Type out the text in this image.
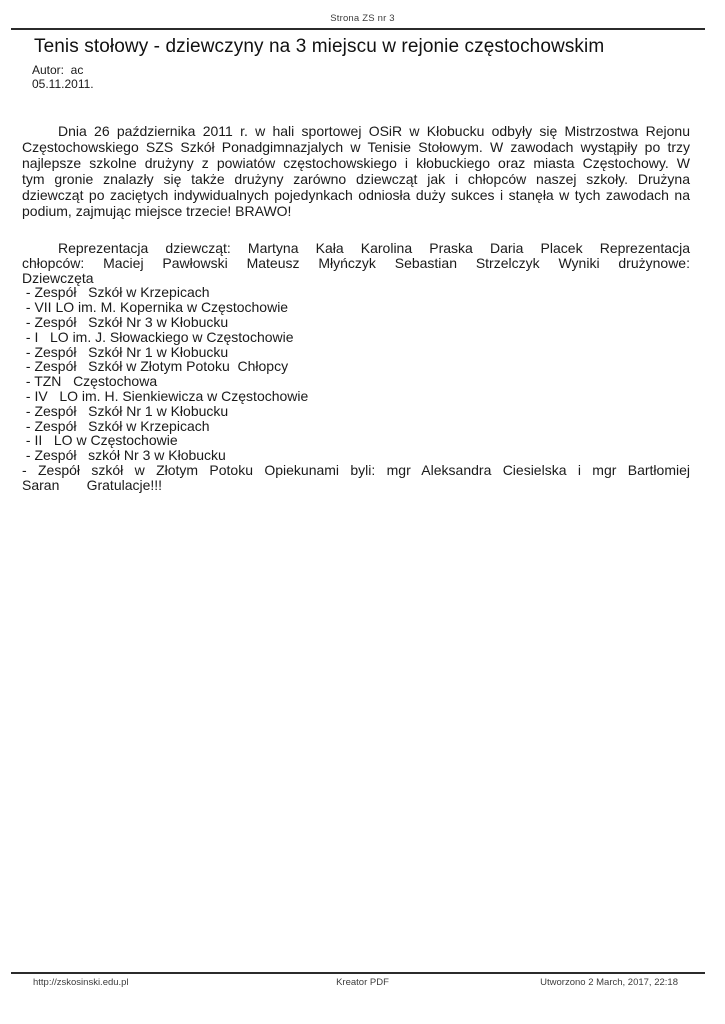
Strona ZS nr 3
Tenis stołowy - dziewczyny na 3 miejscu w rejonie częstochowskim
Autor:  ac
05.11.2011.
Dnia 26 października 2011 r. w hali sportowej OSiR w Kłobucku odbyły się Mistrzostwa Rejonu
Częstochowskiego SZS Szkół Ponadgimnazjalych w Tenisie Stołowym. W zawodach wystąpiły po trzy
najlepsze szkolne drużyny z powiatów częstochowskiego i kłobuckiego oraz miasta Częstochowy. W
tym gronie znalazły się także drużyny zarówno dziewcząt jak i chłopców naszej szkoły. Drużyna
dziewcząt po zaciętych indywidualnych pojedynkach odniosła duży sukces i stanęła w tych zawodach na
podium, zajmując miejsce trzecie! BRAWO!
Reprezentacja dziewcząt: Martyna Kała Karolina Praska Daria Placek Reprezentacja
chłopców: Maciej Pawłowski Mateusz Młyńczyk Sebastian Strzelczyk Wyniki drużynowe:
Dziewczęta
- Zespół   Szkół w Krzepicach
- VII LO im. M. Kopernika w Częstochowie
- Zespół   Szkół Nr 3 w Kłobucku
- I   LO im. J. Słowackiego w Częstochowie
- Zespół   Szkół Nr 1 w Kłobucku
- Zespół   Szkół w Złotym Potoku  Chłopcy
- TZN   Częstochowa
- IV   LO im. H. Sienkiewicza w Częstochowie
- Zespół   Szkół Nr 1 w Kłobucku
- Zespół   Szkół w Krzepicach
- II   LO w Częstochowie
- Zespół   szkół Nr 3 w Kłobucku
- Zespół szkół w Złotym Potoku Opiekunami byli: mgr Aleksandra Ciesielska i mgr Bartłomiej
Saran       Gratulacje!!!
http://zskosinski.edu.pl	Kreator PDF	Utworzono 2 March, 2017, 22:18
